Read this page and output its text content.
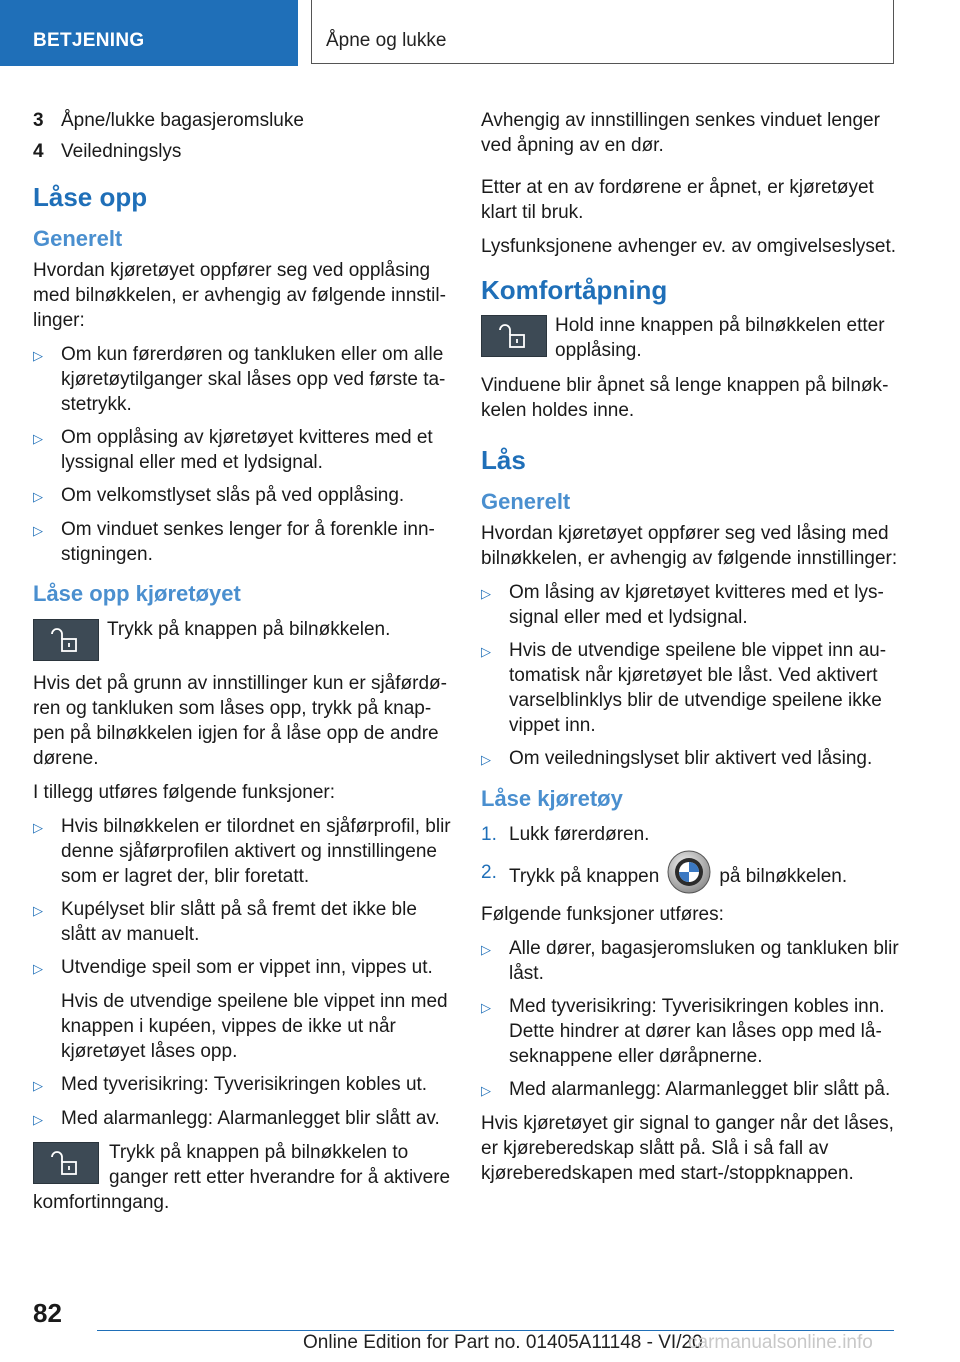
BETJENING	Åpne og lukke
3 Åpne/lukke bagasjeromsluke
4 Veiledningslys
Låse opp
Generelt

Hvordan kjøretøyet oppfører seg ved opplåsing med bilnøkkelen, er avhengig av følgende innstillinger:

▷ Om kun førerdøren og tankluken eller om alle kjøretøytilganger skal låses opp ved første tastetrykk.
▷ Om opplåsing av kjøretøyet kvitteres med et lyssignal eller med et lydsignal.
▷ Om velkomstlyset slås på ved opplåsing.
▷ Om vinduet senkes lenger for å forenkle innstigningen.
Låse opp kjøretøyet
Trykk på knappen på bilnøkkelen.

Hvis det på grunn av innstillinger kun er sjåførdøren og tankluken som låses opp, trykk på knappen på bilnøkkelen igjen for å låse opp de andre dørene.

I tillegg utføres følgende funksjoner:

▷ Hvis bilnøkkelen er tilordnet en sjåførprofil, blir denne sjåførprofilen aktivert og innstillingene som er lagret der, blir foretatt.
▷ Kupélyset blir slått på så fremt det ikke ble slått av manuelt.
▷ Utvendige speil som er vippet inn, vippes ut.
Hvis de utvendige speilene ble vippet inn med knappen i kupéen, vippes de ikke ut når kjøretøyet låses opp.
▷ Med tyverisikring: Tyverisikringen kobles ut.
▷ Med alarmanlegg: Alarmanlegget blir slått av.
Trykk på knappen på bilnøkkelen to ganger rett etter hverandre for å aktivere komfortinngang.

Avhengig av innstillingen senkes vinduet lenger ved åpning av en dør.

Etter at en av fordørene er åpnet, er kjøretøyet klart til bruk.

Lysfunksjonene avhenger ev. av omgivelseslyset.

Komfortåpning
Hold inne knappen på bilnøkkelen etter opplåsing.

Vinduene blir åpnet så lenge knappen på bilnøkkelen holdes inne.

Lås
Generelt

Hvordan kjøretøyet oppfører seg ved låsing med bilnøkkelen, er avhengig av følgende innstillinger:

▷ Om låsing av kjøretøyet kvitteres med et lyssignal eller med et lydsignal.
▷ Hvis de utvendige speilene ble vippet inn automatisk når kjøretøyet ble låst. Ved aktivert varselblinklys blir de utvendige speilene ikke vippet inn.
▷ Om veiledningslyset blir aktivert ved låsing.
Låse kjøretøy
1. Lukk førerdøren.
2. Trykk på knappen	på bilnøkkelen.

Følgende funksjoner utføres:

▷ Alle dører, bagasjeromsluken og tankluken blir låst.
▷ Med tyverisikring: Tyverisikringen kobles inn. Dette hindrer at dører kan låses opp med låseknappene eller døråpnerne.
▷ Med alarmanlegg: Alarmanlegget blir slått på.

Hvis kjøretøyet gir signal to ganger når det låses, er kjøreberedskap slått på. Slå i så fall av kjøreberedskapen med start-/stoppknappen.

82
Online Edition for Part no. 01405A11148 - VI/20
carmanualsonline.info
